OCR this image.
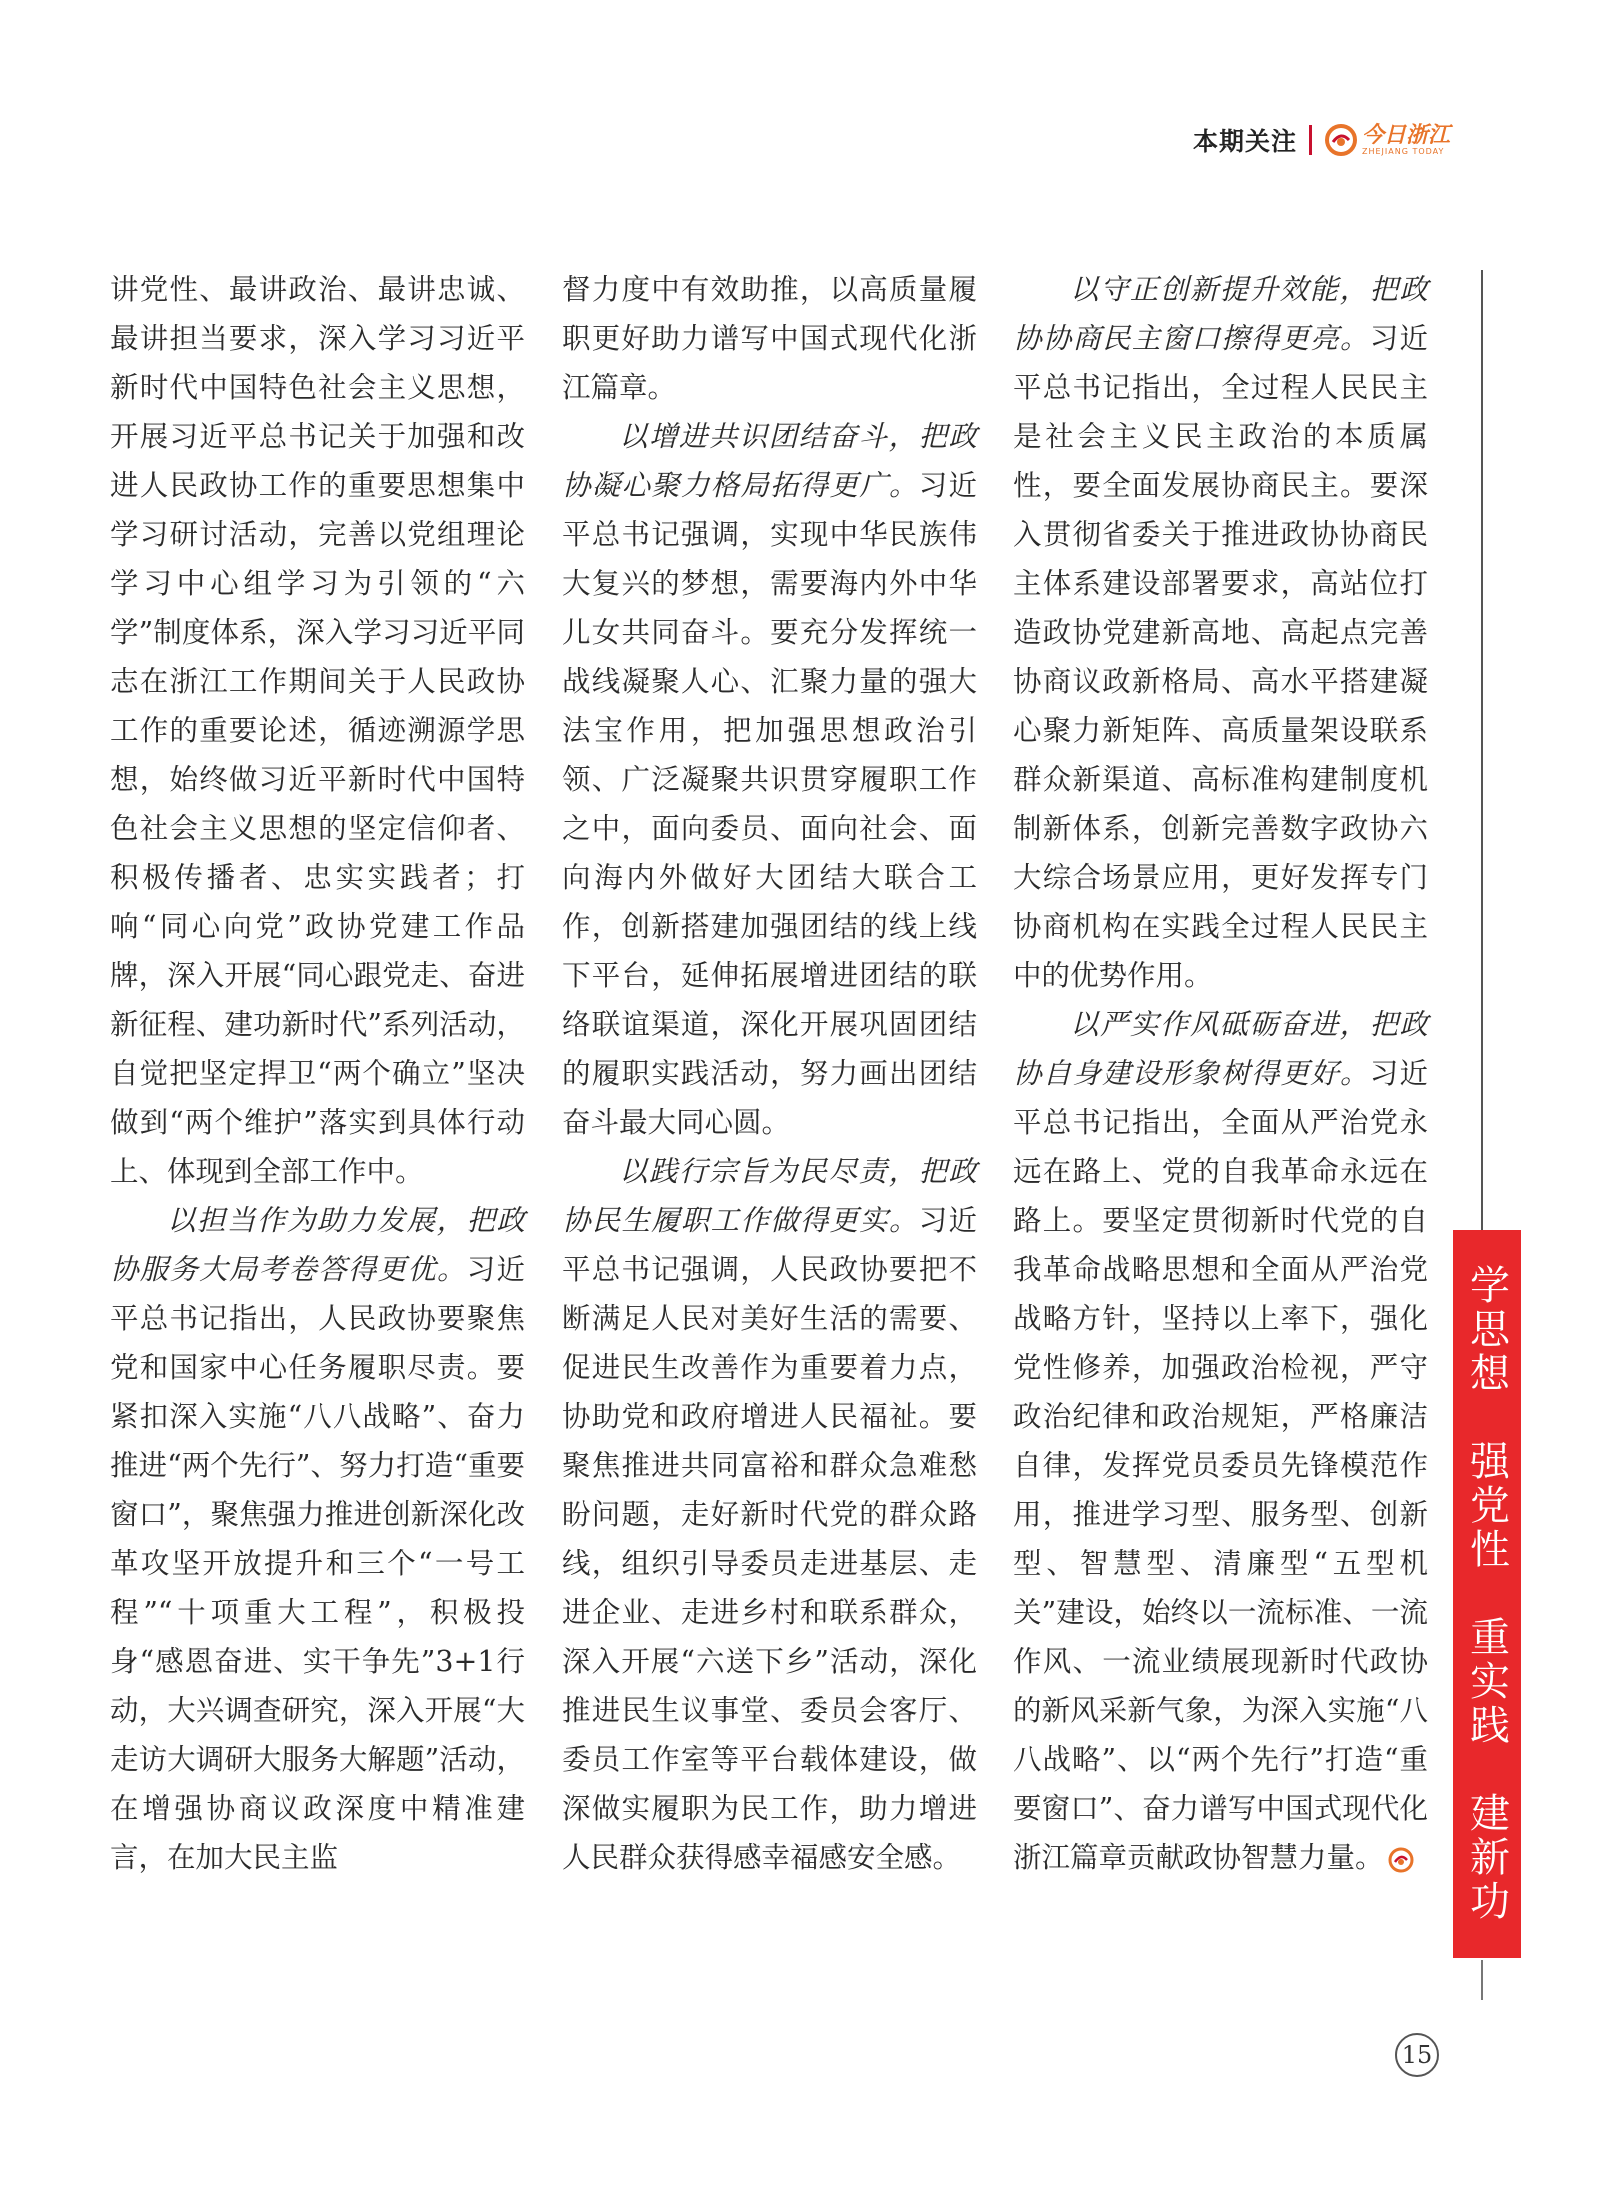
本期关注	今日浙江
ZHEJIANG TODAY

讲党性、最讲政治、最讲忠诚、最讲担当要求，深入学习习近平新时代中国特色社会主义思想，开展习近平总书记关于加强和改进人民政协工作的重要思想集中学习研讨活动，完善以党组理论学习中心组学习为引领的“六学”制度体系，深入学习习近平同志在浙江工作期间关于人民政协工作的重要论述，循迹溯源学思想，始终做习近平新时代中国特色社会主义思想的坚定信仰者、积极传播者、忠实实践者；打响“同心向党”政协党建工作品牌，深入开展“同心跟党走、奋进新征程、建功新时代”系列活动，自觉把坚定捍卫“两个确立”坚决做到“两个维护”落实到具体行动上、体现到全部工作中。

以担当作为助力发展，把政协服务大局考卷答得更优。习近平总书记指出，人民政协要聚焦党和国家中心任务履职尽责。要紧扣深入实施“八八战略”、奋力推进“两个先行”、努力打造“重要窗口”，聚焦强力推进创新深化改革攻坚开放提升和三个“一号工程”“十项重大工程”，积极投身“感恩奋进、实干争先”3+1行动，大兴调查研究，深入开展“大走访大调研大服务大解题”活动，在增强协商议政深度中精准建言，在加大民主监

督力度中有效助推，以高质量履职更好助力谱写中国式现代化浙江篇章。

以增进共识团结奋斗，把政协凝心聚力格局拓得更广。习近平总书记强调，实现中华民族伟大复兴的梦想，需要海内外中华儿女共同奋斗。要充分发挥统一战线凝聚人心、汇聚力量的强大法宝作用，把加强思想政治引领、广泛凝聚共识贯穿履职工作之中，面向委员、面向社会、面向海内外做好大团结大联合工作，创新搭建加强团结的线上线下平台，延伸拓展增进团结的联络联谊渠道，深化开展巩固团结的履职实践活动，努力画出团结奋斗最大同心圆。

以践行宗旨为民尽责，把政协民生履职工作做得更实。习近平总书记强调，人民政协要把不断满足人民对美好生活的需要、促进民生改善作为重要着力点，协助党和政府增进人民福祉。要聚焦推进共同富裕和群众急难愁盼问题，走好新时代党的群众路线，组织引导委员走进基层、走进企业、走进乡村和联系群众，深入开展“六送下乡”活动，深化推进民生议事堂、委员会客厅、委员工作室等平台载体建设，做深做实履职为民工作，助力增进人民群众获得感幸福感安全感。

以守正创新提升效能，把政协协商民主窗口擦得更亮。习近平总书记指出，全过程人民民主是社会主义民主政治的本质属性，要全面发展协商民主。要深入贯彻省委关于推进政协协商民主体系建设部署要求，高站位打造政协党建新高地、高起点完善协商议政新格局、高水平搭建凝心聚力新矩阵、高质量架设联系群众新渠道、高标准构建制度机制新体系，创新完善数字政协六大综合场景应用，更好发挥专门协商机构在实践全过程人民民主中的优势作用。

以严实作风砥砺奋进，把政协自身建设形象树得更好。习近平总书记指出，全面从严治党永远在路上、党的自我革命永远在路上。要坚定贯彻新时代党的自我革命战略思想和全面从严治党战略方针，坚持以上率下，强化党性修养，加强政治检视，严守政治纪律和政治规矩，严格廉洁自律，发挥党员委员先锋模范作用，推进学习型、服务型、创新型、智慧型、清廉型“五型机关”建设，始终以一流标准、一流作风、一流业绩展现新时代政协的新风采新气象，为深入实施“八八战略”、以“两个先行”打造“重要窗口”、奋力谱写中国式现代化浙江篇章贡献政协智慧力量。	学思想　强党性　重实践　建新功
15
